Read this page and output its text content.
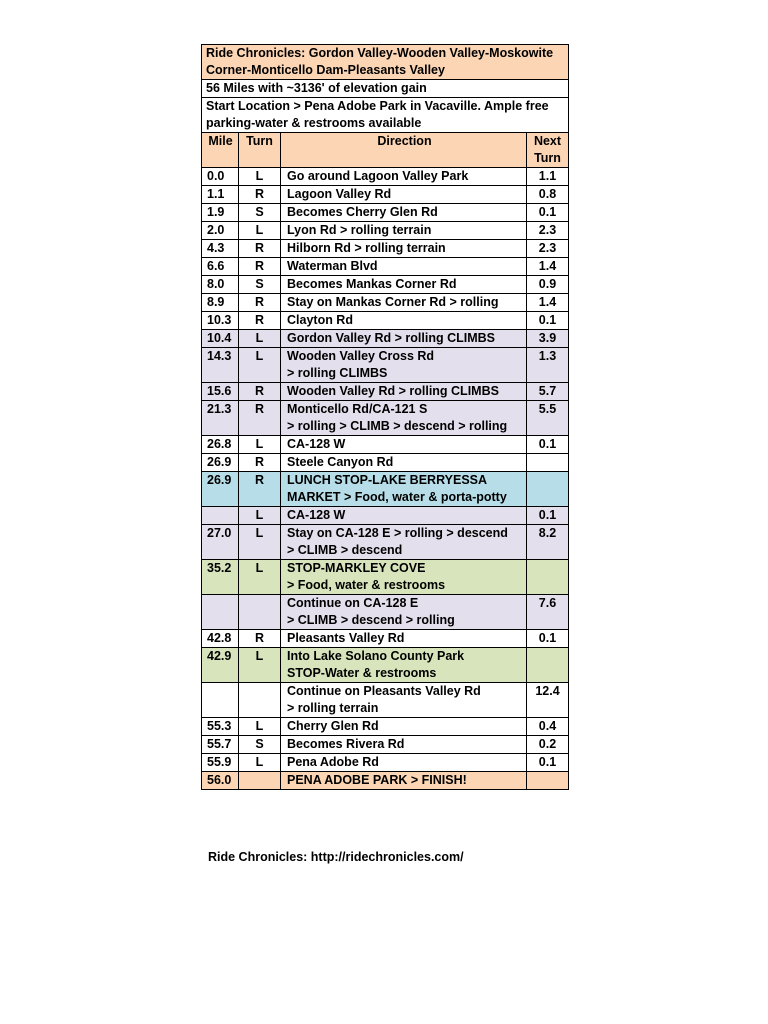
Ride Chronicles: Gordon Valley-Wooden Valley-Moskowite Corner-Monticello Dam-Pleasants Valley			
56 Miles with ~3136' of elevation gain			
Start Location > Pena Adobe Park in Vacaville. Ample free parking-water & restrooms available			
Mile	Turn	Direction	Next Turn
0.0	L	Go around Lagoon Valley Park	1.1
1.1	R	Lagoon Valley Rd	0.8
1.9	S	Becomes Cherry Glen Rd	0.1
2.0	L	Lyon Rd > rolling terrain	2.3
4.3	R	Hilborn Rd > rolling terrain	2.3
6.6	R	Waterman Blvd	1.4
8.0	S	Becomes Mankas Corner Rd	0.9
8.9	R	Stay on Mankas Corner Rd > rolling	1.4
10.3	R	Clayton Rd	0.1
10.4	L	Gordon Valley Rd > rolling CLIMBS	3.9
14.3	L	Wooden Valley Cross Rd
> rolling CLIMBS	1.3
15.6	R	Wooden Valley Rd > rolling CLIMBS	5.7
21.3	R	Monticello Rd/CA-121 S
> rolling > CLIMB > descend > rolling	5.5
26.8	L	CA-128 W	0.1
26.9	R	Steele Canyon Rd	

26.9	R	LUNCH STOP-LAKE BERRYESSA
MARKET > Food, water & porta-potty	

	L	CA-128 W	0.1
27.0	L	Stay on CA-128 E > rolling > descend
> CLIMB > descend	8.2
35.2	L	STOP-MARKLEY COVE
> Food, water & restrooms	

		Continue on CA-128 E
> CLIMB > descend > rolling	7.6
42.8	R	Pleasants Valley Rd	0.1
42.9	L	Into Lake Solano County Park
STOP-Water & restrooms	

		Continue on Pleasants Valley Rd
> rolling terrain	12.4
55.3	L	Cherry Glen Rd	0.4
55.7	S	Becomes Rivera Rd	0.2
55.9	L	Pena Adobe Rd	0.1
56.0		PENA ADOBE PARK > FINISH!	

Ride Chronicles: http://ridechronicles.com/
